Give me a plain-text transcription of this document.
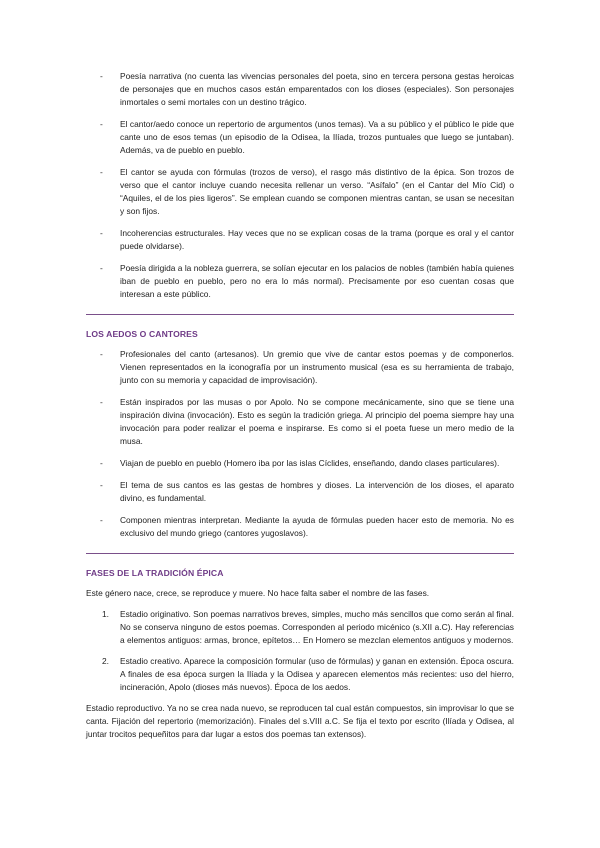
- Poesía narrativa (no cuenta las vivencias personales del poeta, sino en tercera persona gestas heroicas de personajes que en muchos casos están emparentados con los dioses (especiales). Son personajes inmortales o semi mortales con un destino trágico.
- El cantor/aedo conoce un repertorio de argumentos (unos temas). Va a su público y el público le pide que cante uno de esos temas (un episodio de la Odisea, la Ilíada, trozos puntuales que luego se juntaban). Además, va de pueblo en pueblo.
- El cantor se ayuda con fórmulas (trozos de verso), el rasgo más distintivo de la épica. Son trozos de verso que el cantor incluye cuando necesita rellenar un verso. “Asífalo” (en el Cantar del Mío Cid) o “Aquiles, el de los pies ligeros”. Se emplean cuando se componen mientras cantan, se usan se necesitan y son fijos.
- Incoherencias estructurales. Hay veces que no se explican cosas de la trama (porque es oral y el cantor puede olvidarse).
- Poesía dirigida a la nobleza guerrera, se solían ejecutar en los palacios de nobles (también había quienes iban de pueblo en pueblo, pero no era lo más normal). Precisamente por eso cuentan cosas que interesan a este público.
LOS AEDOS O CANTORES
- Profesionales del canto (artesanos). Un gremio que vive de cantar estos poemas y de componerlos. Vienen representados en la iconografía por un instrumento musical (esa es su herramienta de trabajo, junto con su memoria y capacidad de improvisación).
- Están inspirados por las musas o por Apolo. No se compone mecánicamente, sino que se tiene una inspiración divina (invocación). Esto es según la tradición griega. Al principio del poema siempre hay una invocación para poder realizar el poema e inspirarse. Es como si el poeta fuese un mero medio de la musa.
- Viajan de pueblo en pueblo (Homero iba por las islas Cíclides, enseñando, dando clases particulares).
- El tema de sus cantos es las gestas de hombres y dioses. La intervención de los dioses, el aparato divino, es fundamental.
- Componen mientras interpretan. Mediante la ayuda de fórmulas pueden hacer esto de memoria. No es exclusivo del mundo griego (cantores yugoslavos).
FASES DE LA TRADICIÓN ÉPICA

Este género nace, crece, se reproduce y muere. No hace falta saber el nombre de las fases.

1. Estadio originativo. Son poemas narrativos breves, simples, mucho más sencillos que como serán al final. No se conserva ninguno de estos poemas. Corresponden al periodo micénico (s.XII a.C). Hay referencias a elementos antiguos: armas, bronce, epítetos… En Homero se mezclan elementos antiguos y modernos.
2. Estadio creativo. Aparece la composición formular (uso de fórmulas) y ganan en extensión. Época oscura. A finales de esa época surgen la Ilíada y la Odisea y aparecen elementos más recientes: uso del hierro, incineración, Apolo (dioses más nuevos). Época de los aedos.

Estadio reproductivo. Ya no se crea nada nuevo, se reproducen tal cual están compuestos, sin improvisar lo que se canta. Fijación del repertorio (memorización). Finales del s.VIII a.C. Se fija el texto por escrito (Ilíada y Odisea, al juntar trocitos pequeñitos para dar lugar a estos dos poemas tan extensos).
